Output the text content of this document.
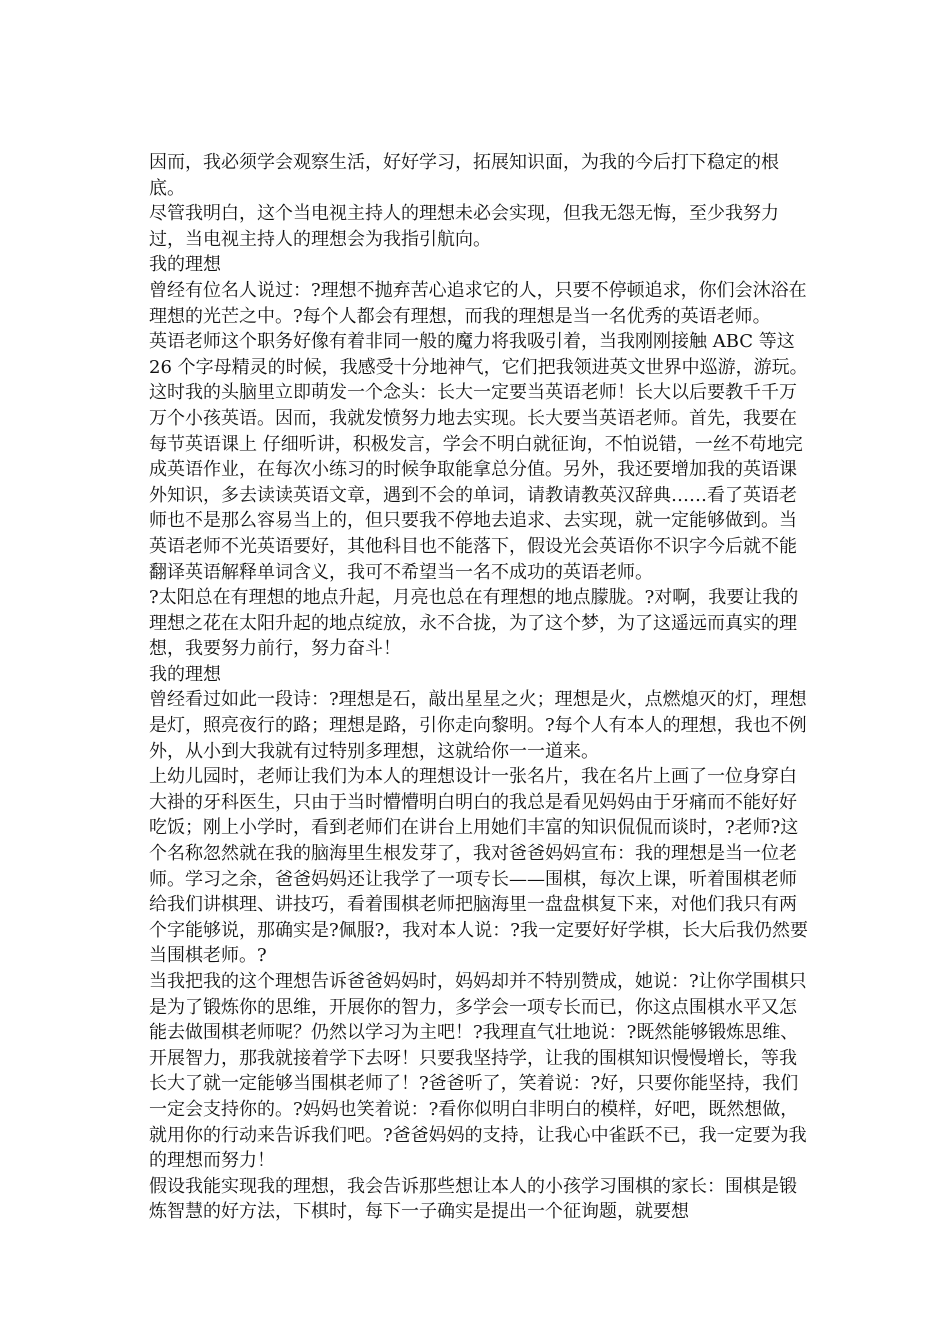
因而，我必须学会观察生活，好好学习，拓展知识面，为我的今后打下稳定的根底。

尽管我明白，这个当电视主持人的理想未必会实现，但我无怨无悔，至少我努力过，当电视主持人的理想会为我指引航向。

我的理想

曾经有位名人说过：?理想不抛弃苦心追求它的人，只要不停顿追求，你们会沐浴在理想的光芒之中。?每个人都会有理想，而我的理想是当一名优秀的英语老师。

英语老师这个职务好像有着非同一般的魔力将我吸引着，当我刚刚接触 ABC 等这 26 个字母精灵的时候，我感受十分地神气，它们把我领进英文世界中巡游，游玩。这时我的头脑里立即萌发一个念头：长大一定要当英语老师！长大以后要教千千万万个小孩英语。因而，我就发愤努力地去实现。长大要当英语老师。首先，我要在每节英语课上 仔细听讲，积极发言，学会不明白就征询，不怕说错，一丝不苟地完成英语作业，在每次小练习的时候争取能拿总分值。另外，我还要增加我的英语课外知识，多去读读英语文章，遇到不会的单词，请教请教英汉辞典……看了英语老师也不是那么容易当上的，但只要我不停地去追求、去实现，就一定能够做到。当英语老师不光英语要好，其他科目也不能落下，假设光会英语你不识字今后就不能翻译英语解释单词含义，我可不希望当一名不成功的英语老师。

?太阳总在有理想的地点升起，月亮也总在有理想的地点朦胧。?对啊，我要让我的理想之花在太阳升起的地点绽放，永不合拢，为了这个梦，为了这遥远而真实的理想，我要努力前行，努力奋斗！

我的理想

曾经看过如此一段诗：?理想是石，敲出星星之火；理想是火，点燃熄灭的灯，理想是灯，照亮夜行的路；理想是路，引你走向黎明。?每个人有本人的理想，我也不例外，从小到大我就有过特别多理想，这就给你一一道来。

上幼儿园时，老师让我们为本人的理想设计一张名片，我在名片上画了一位身穿白大褂的牙科医生，只由于当时懵懵明白明白的我总是看见妈妈由于牙痛而不能好好吃饭；刚上小学时，看到老师们在讲台上用她们丰富的知识侃侃而谈时，?老师?这个名称忽然就在我的脑海里生根发芽了，我对爸爸妈妈宣布：我的理想是当一位老师。学习之余，爸爸妈妈还让我学了一项专长——围棋，每次上课，听着围棋老师给我们讲棋理、讲技巧，看着围棋老师把脑海里一盘盘棋复下来，对他们我只有两个字能够说，那确实是?佩服?，我对本人说：?我一定要好好学棋，长大后我仍然要当围棋老师。?

当我把我的这个理想告诉爸爸妈妈时，妈妈却并不特别赞成，她说：?让你学围棋只是为了锻炼你的思维，开展你的智力，多学会一项专长而已，你这点围棋水平又怎能去做围棋老师呢？仍然以学习为主吧！?我理直气壮地说：?既然能够锻炼思维、开展智力，那我就接着学下去呀！只要我坚持学，让我的围棋知识慢慢增长，等我长大了就一定能够当围棋老师了！?爸爸听了，笑着说：?好，只要你能坚持，我们一定会支持你的。?妈妈也笑着说：?看你似明白非明白的模样，好吧，既然想做，就用你的行动来告诉我们吧。?爸爸妈妈的支持，让我心中雀跃不已，我一定要为我的理想而努力！

假设我能实现我的理想，我会告诉那些想让本人的小孩学习围棋的家长：围棋是锻炼智慧的好方法，下棋时，每下一子确实是提出一个征询题，就要想
